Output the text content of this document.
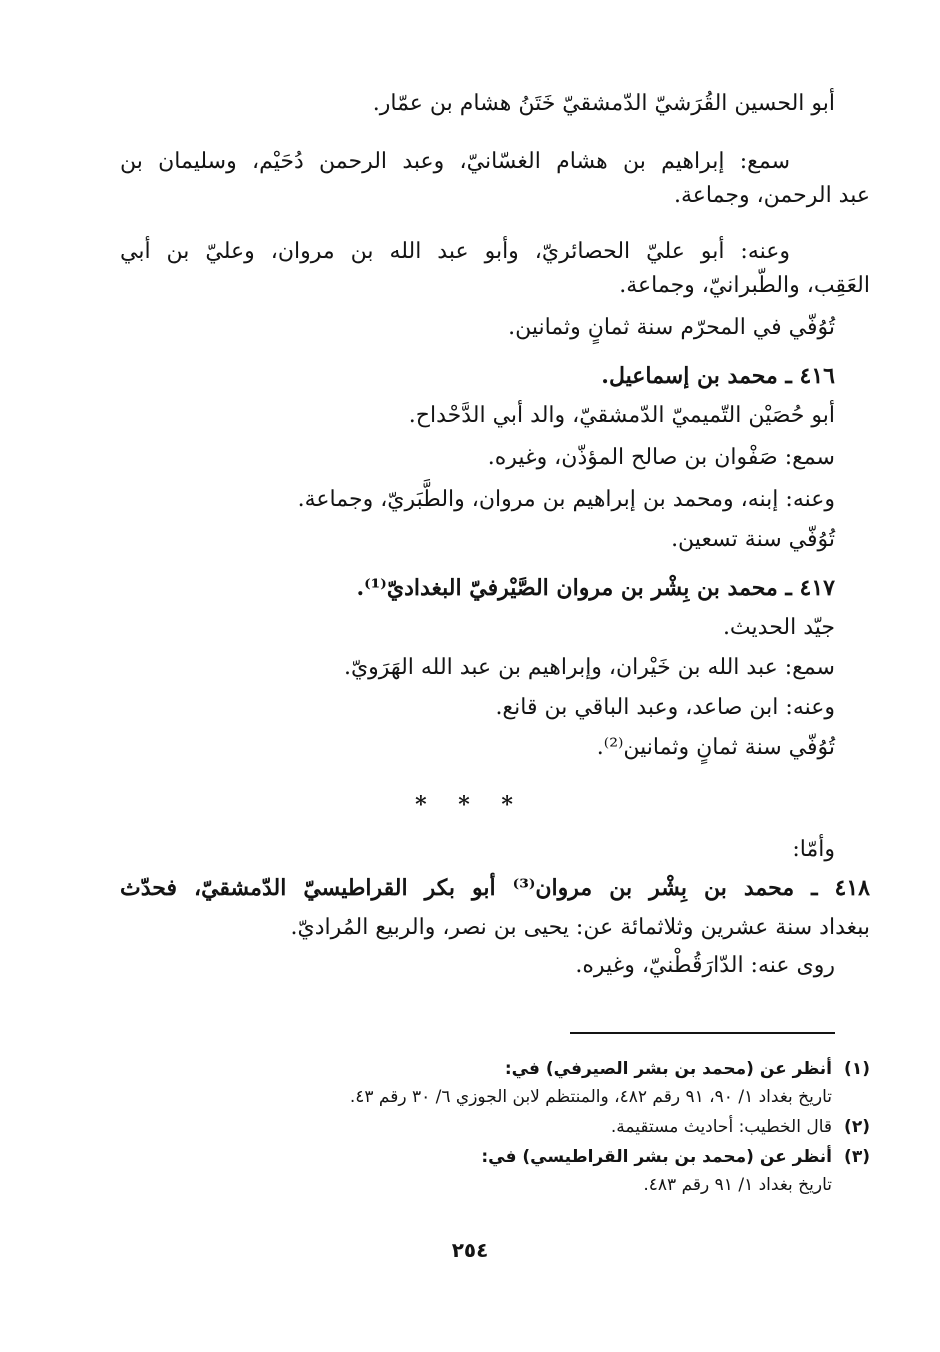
أبو الحسين القُرَشيّ الدّمشقيّ خَتَنُ هشام بن عمّار.
سمع: إبراهيم بن هشام الغسّانيّ، وعبد الرحمن دُحَيْم، وسليمان بن
عبد الرحمن، وجماعة.
وعنه: أبو عليّ الحصائريّ، وأبو عبد الله بن مروان، وعليّ بن أبي
العَقِب، والطّبرانيّ، وجماعة.
تُوُفّي في المحرّم سنة ثمانٍ وثمانين.
٤١٦ ـ محمد بن إسماعيل.
أبو حُصَيْن التّميميّ الدّمشقيّ، والد أبي الدَّحْداح.
سمع: صَفْوان بن صالح المؤذّن، وغيره.
وعنه: إبنه، ومحمد بن إبراهيم بن مروان، والطَّبَريّ، وجماعة.
تُوُفّي سنة تسعين.
٤١٧ ـ محمد بن بِشْر بن مروان الصَّيْرفيّ البغداديّ⁽¹⁾.
جيّد الحديث.
سمع: عبد الله بن خَيْران، وإبراهيم بن عبد الله الهَرَويّ.
وعنه: ابن صاعد، وعبد الباقي بن قانع.
تُوُفّي سنة ثمانٍ وثمانين⁽²⁾.
* * *
وأمّا:
٤١٨ ـ محمد بن بِشْر بن مروان⁽³⁾ أبو بكر القراطيسيّ الدّمشقيّ، فحدّث
ببغداد سنة عشرين وثلاثمائة عن: يحيى بن نصر، والربيع المُراديّ.
روى عنه: الدّارَقُطْنيّ، وغيره.
(١)أنظر عن (محمد بن بشر الصيرفي) في:
تاريخ بغداد ١/ ٩٠، ٩١ رقم ٤٨٢، والمنتظم لابن الجوزي ٦/ ٣٠ رقم ٤٣.
(٢)قال الخطيب: أحاديث مستقيمة.
(٣)أنظر عن (محمد بن بشر القراطيسي) في:
تاريخ بغداد ١/ ٩١ رقم ٤٨٣.
٢٥٤
